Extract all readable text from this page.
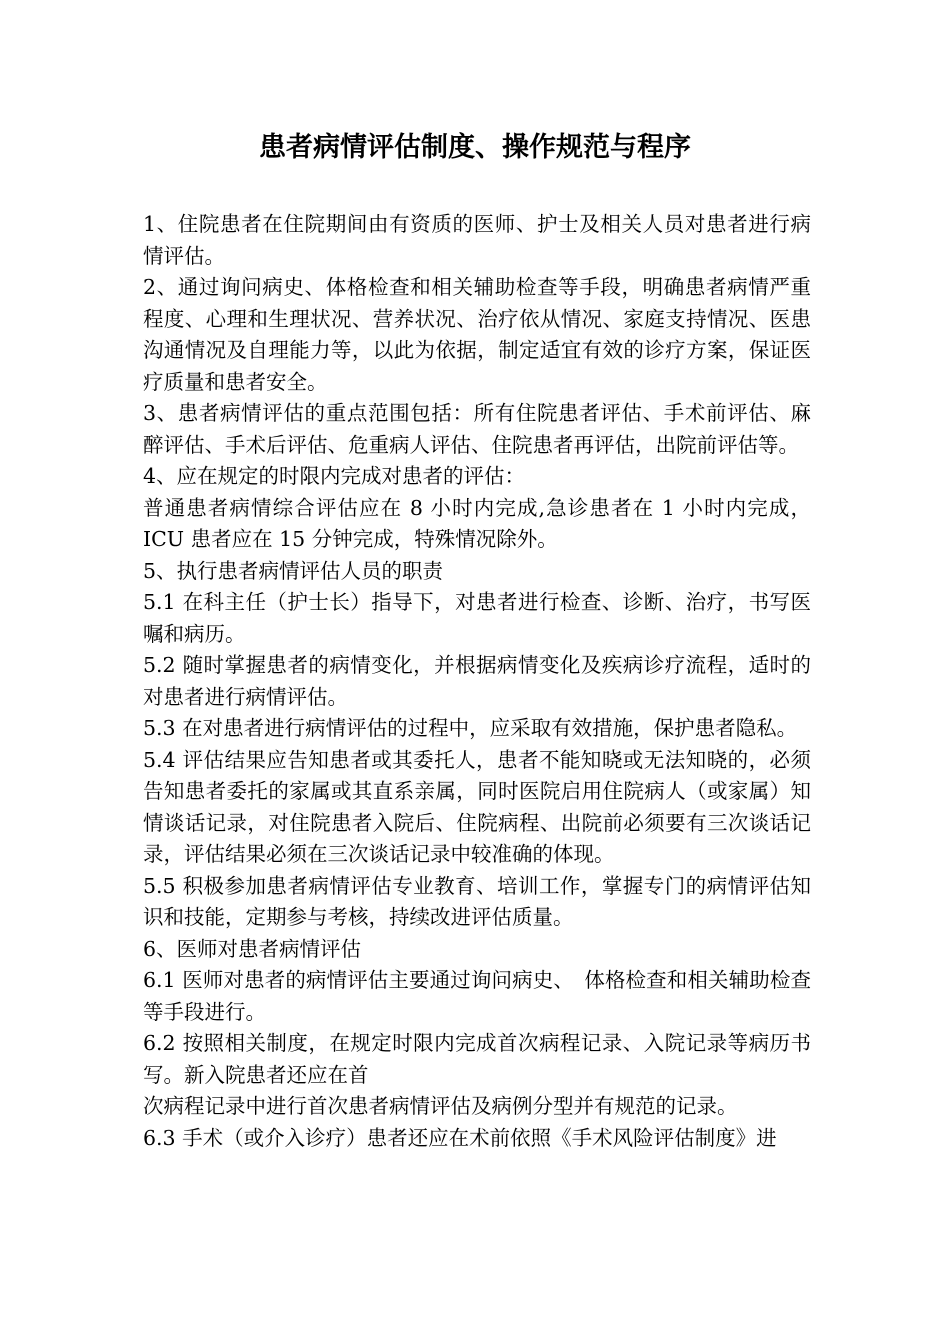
患者病情评估制度、操作规范与程序

1、住院患者在住院期间由有资质的医师、护士及相关人员对患者进行病情评估。

2、通过询问病史、体格检查和相关辅助检查等手段，明确患者病情严重程度、心理和生理状况、营养状况、治疗依从情况、家庭支持情况、医患沟通情况及自理能力等，以此为依据，制定适宜有效的诊疗方案，保证医疗质量和患者安全。

3、患者病情评估的重点范围包括：所有住院患者评估、手术前评估、麻醉评估、手术后评估、危重病人评估、住院患者再评估，出院前评估等。

4、应在规定的时限内完成对患者的评估：

普通患者病情综合评估应在 8 小时内完成,急诊患者在 1 小时内完成，ICU 患者应在 15 分钟完成，特殊情况除外。

5、执行患者病情评估人员的职责

5.1 在科主任（护士长）指导下，对患者进行检查、诊断、治疗，书写医嘱和病历。

5.2 随时掌握患者的病情变化，并根据病情变化及疾病诊疗流程，适时的对患者进行病情评估。

5.3 在对患者进行病情评估的过程中，应采取有效措施，保护患者隐私。

5.4 评估结果应告知患者或其委托人，患者不能知晓或无法知晓的，必须告知患者委托的家属或其直系亲属，同时医院启用住院病人（或家属）知情谈话记录，对住院患者入院后、住院病程、出院前必须要有三次谈话记录，评估结果必须在三次谈话记录中较准确的体现。

5.5 积极参加患者病情评估专业教育、培训工作，掌握专门的病情评估知识和技能，定期参与考核，持续改进评估质量。

6、医师对患者病情评估

6.1 医师对患者的病情评估主要通过询问病史、　体格检查和相关辅助检查等手段进行。

6.2 按照相关制度，在规定时限内完成首次病程记录、入院记录等病历书写。新入院患者还应在首

次病程记录中进行首次患者病情评估及病例分型并有规范的记录。

6.3 手术（或介入诊疗）患者还应在术前依照《手术风险评估制度》进
